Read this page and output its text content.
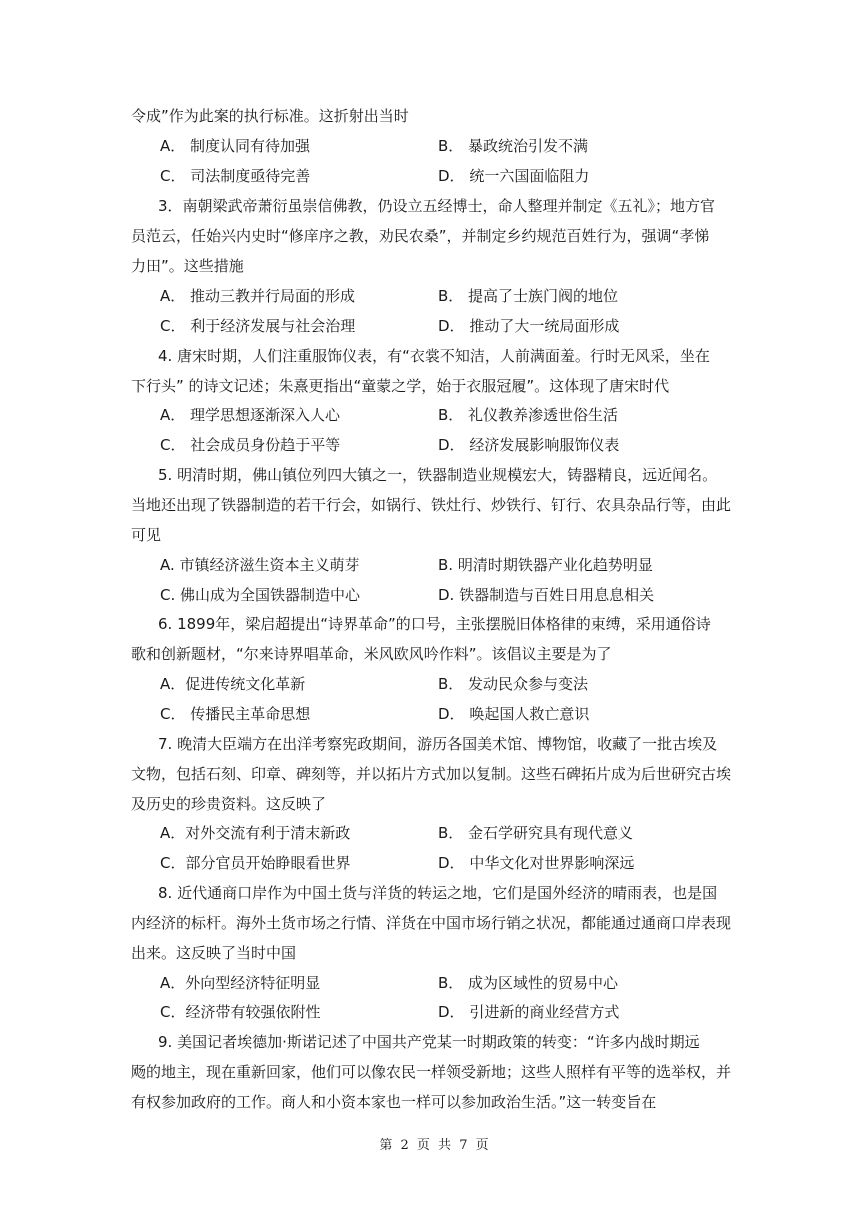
令成”作为此案的执行标准。这折射出当时
A． 制度认同有待加强	B． 暴政统治引发不满
C． 司法制度亟待完善	D． 统一六国面临阻力
3．南朝梁武帝萧衍虽崇信佛教，仍设立五经博士，命人整理并制定《五礼》；地方官
员范云，任始兴内史时“修庠序之教，劝民农桑”，并制定乡约规范百姓行为，强调“孝悌
力田”。这些措施
A． 推动三教并行局面的形成	B． 提高了士族门阀的地位
C． 利于经济发展与社会治理	D． 推动了大一统局面形成
4. 唐宋时期，人们注重服饰仪表，有“衣裳不知洁，人前满面羞。行时无风采，坐在
下行头” 的诗文记述；朱熹更指出“童蒙之学，始于衣服冠履”。这体现了唐宋时代
A． 理学思想逐渐深入人心	B． 礼仪教养渗透世俗生活
C． 社会成员身份趋于平等	D． 经济发展影响服饰仪表
5. 明清时期，佛山镇位列四大镇之一，铁器制造业规模宏大，铸器精良，远近闻名。
当地还出现了铁器制造的若干行会，如锅行、铁灶行、炒铁行、钉行、农具杂品行等，由此
可见
A. 市镇经济滋生资本主义萌芽	B. 明清时期铁器产业化趋势明显
C. 佛山成为全国铁器制造中心	D. 铁器制造与百姓日用息息相关
6. 1899年，梁启超提出“诗界革命”的口号，主张摆脱旧体格律的束缚，采用通俗诗
歌和创新题材，“尔来诗界唱革命，米风欧风吟作料”。该倡议主要是为了
A．促进传统文化革新	B． 发动民众参与变法
C． 传播民主革命思想	D． 唤起国人救亡意识
7. 晚清大臣端方在出洋考察宪政期间，游历各国美术馆、博物馆，收藏了一批古埃及
文物，包括石刻、印章、碑刻等，并以拓片方式加以复制。这些石碑拓片成为后世研究古埃
及历史的珍贵资料。这反映了
A．对外交流有利于清末新政	B． 金石学研究具有现代意义
C．部分官员开始睁眼看世界	D． 中华文化对世界影响深远
8. 近代通商口岸作为中国土货与洋货的转运之地，它们是国外经济的晴雨表，也是国
内经济的标杆。海外土货市场之行情、洋货在中国市场行销之状况，都能通过通商口岸表现
出来。这反映了当时中国
A．外向型经济特征明显	B． 成为区域性的贸易中心
C．经济带有较强依附性	D． 引进新的商业经营方式
9. 美国记者埃德加·斯诺记述了中国共产党某一时期政策的转变：“许多内战时期远
飏的地主，现在重新回家，他们可以像农民一样领受新地；这些人照样有平等的选举权，并
有权参加政府的工作。商人和小资本家也一样可以参加政治生活。”这一转变旨在
第 2 页 共 7 页
